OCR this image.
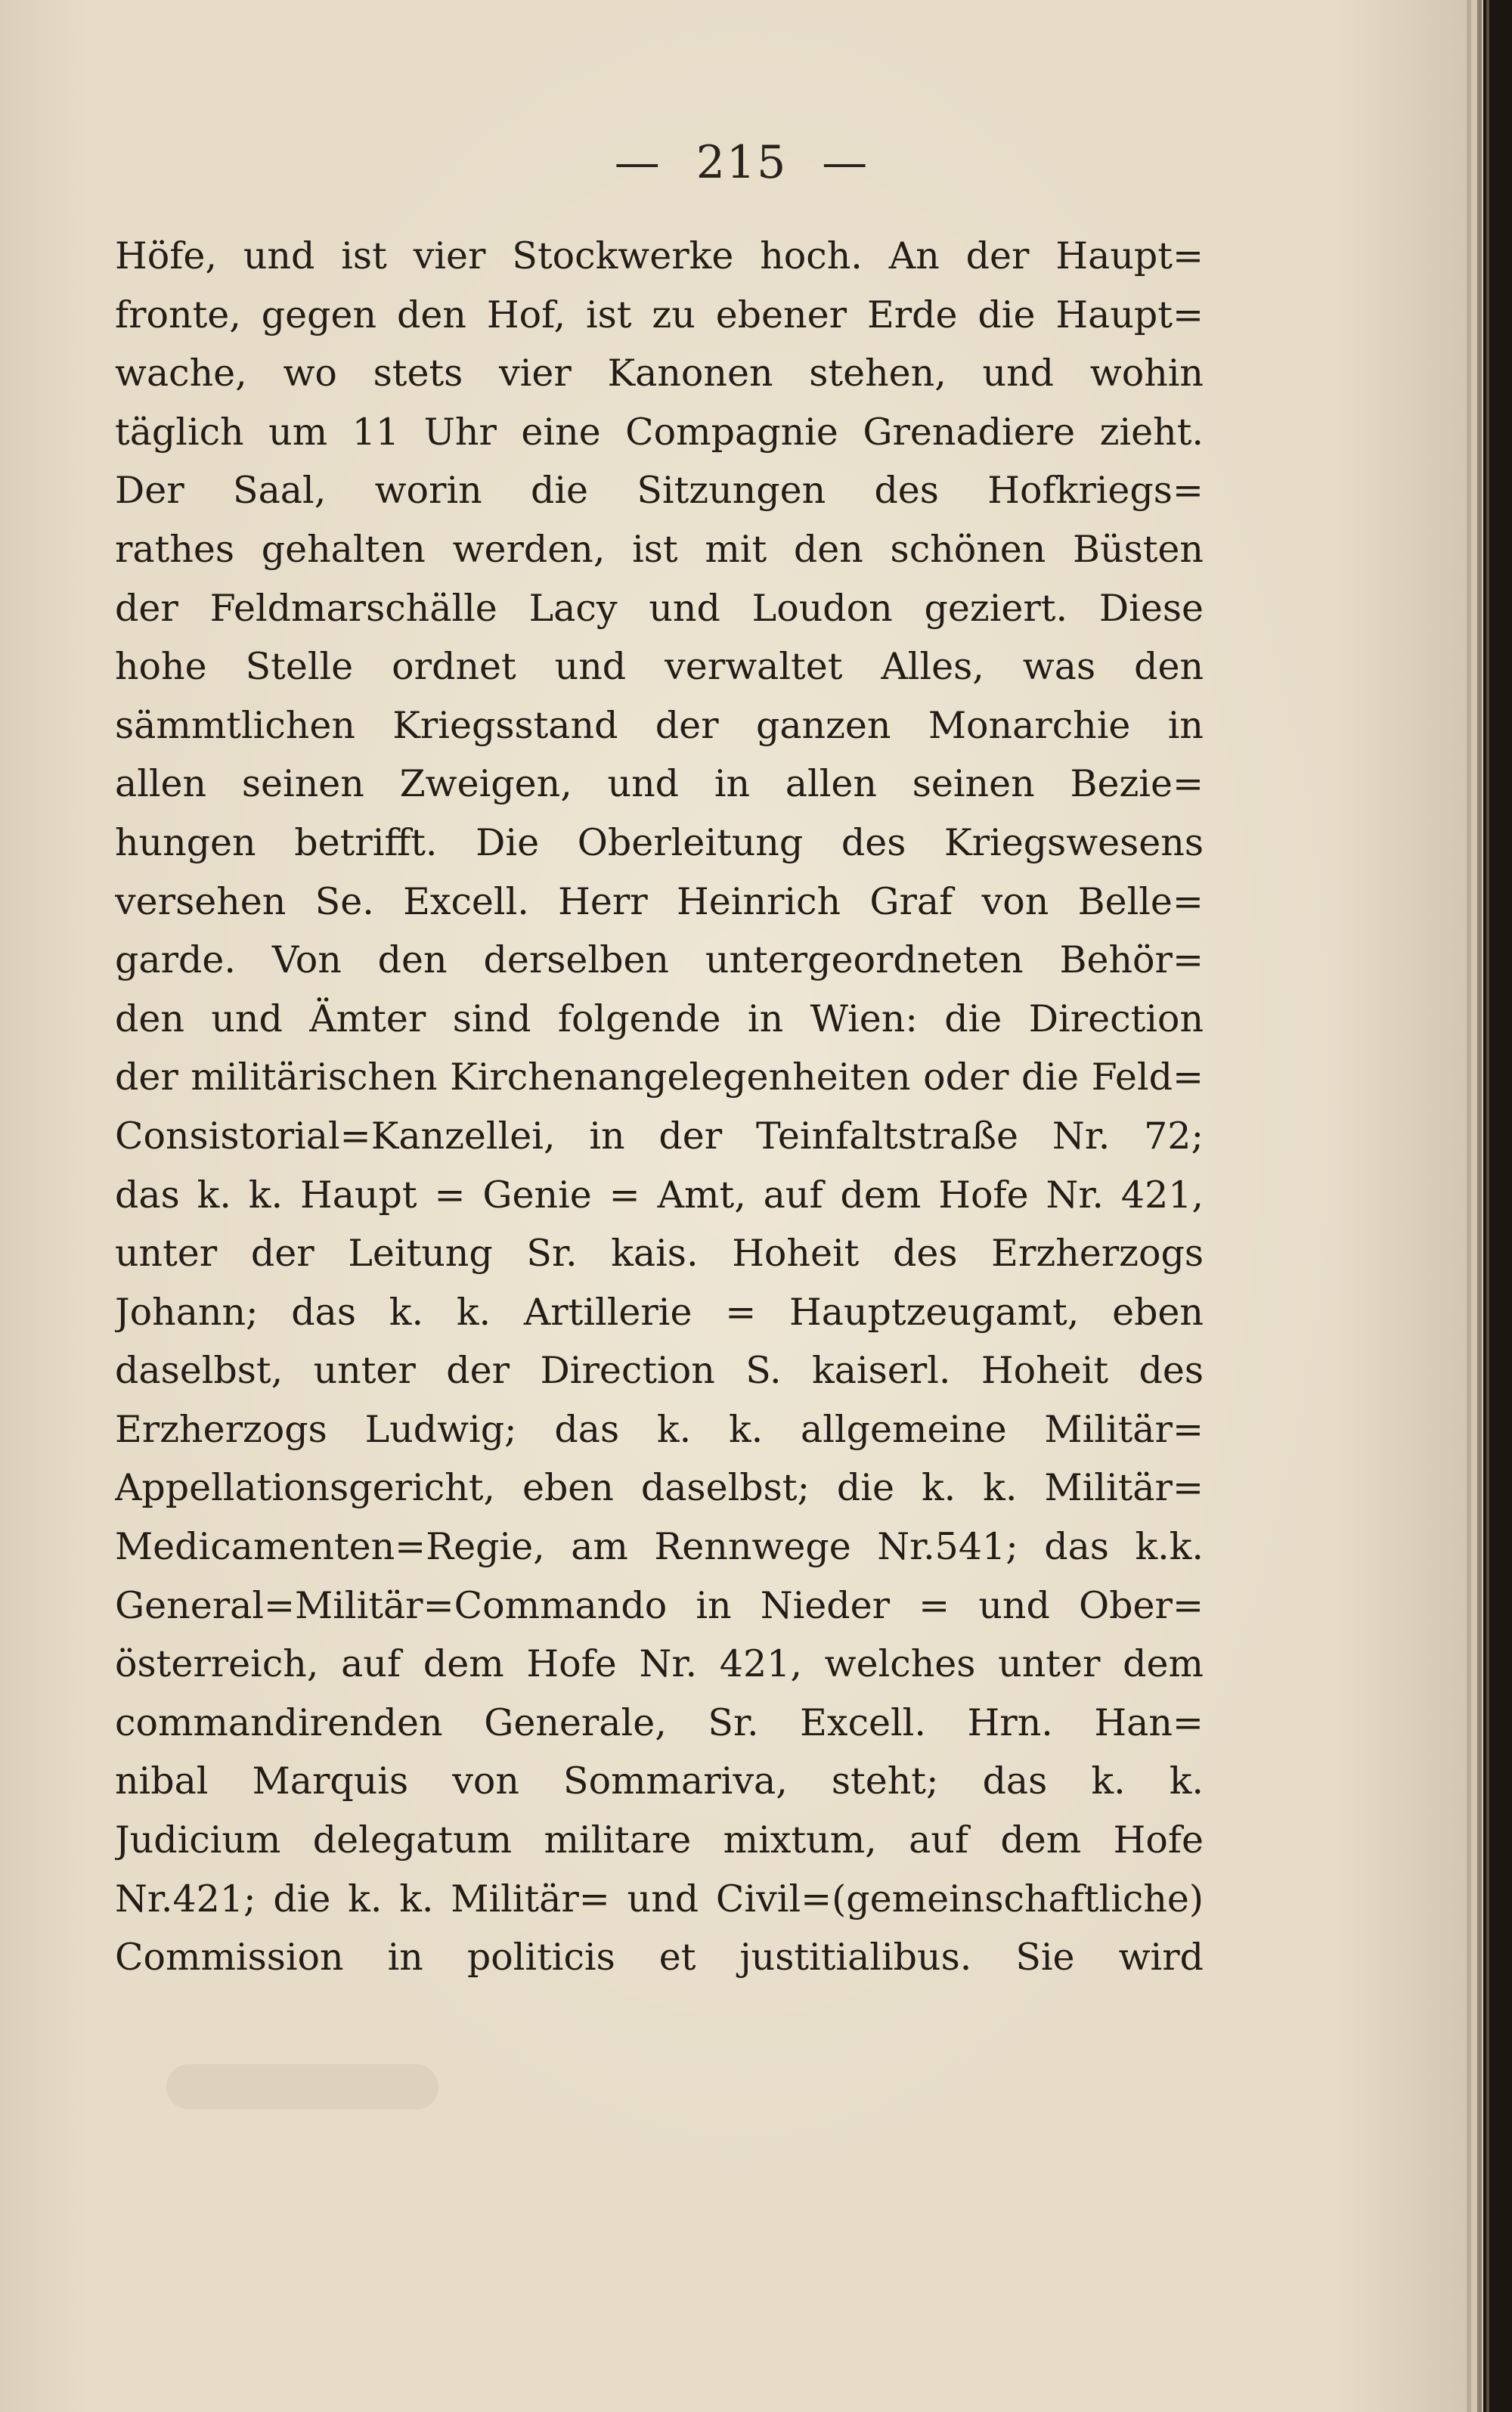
— 215 —
Höfe, und ist vier Stockwerke hoch. An der Haupt=
fronte, gegen den Hof, ist zu ebener Erde die Haupt=
wache, wo stets vier Kanonen stehen, und wohin
täglich um 11 Uhr eine Compagnie Grenadiere zieht.
Der Saal, worin die Sitzungen des Hofkriegs=
rathes gehalten werden, ist mit den schönen Büsten
der Feldmarschälle Lacy und Loudon geziert. Diese
hohe Stelle ordnet und verwaltet Alles, was den
sämmtlichen Kriegsstand der ganzen Monarchie in
allen seinen Zweigen, und in allen seinen Bezie=
hungen betrifft. Die Oberleitung des Kriegswesens
versehen Se. Excell. Herr Heinrich Graf von Belle=
garde. Von den derselben untergeordneten Behör=
den und Ämter sind folgende in Wien: die Direction
der militärischen Kirchenangelegenheiten oder die Feld=
Consistorial=Kanzellei, in der Teinfaltstraße Nr. 72;
das k. k. Haupt = Genie = Amt, auf dem Hofe Nr. 421,
unter der Leitung Sr. kais. Hoheit des Erzherzogs
Johann; das k. k. Artillerie = Hauptzeugamt, eben
daselbst, unter der Direction S. kaiserl. Hoheit des
Erzherzogs Ludwig; das k. k. allgemeine Militär=
Appellationsgericht, eben daselbst; die k. k. Militär=
Medicamenten=Regie, am Rennwege Nr.541; das k.k.
General=Militär=Commando in Nieder = und Ober=
österreich, auf dem Hofe Nr. 421, welches unter dem
commandirenden Generale, Sr. Excell. Hrn. Han=
nibal Marquis von Sommariva, steht; das k. k.
Judicium delegatum militare mixtum, auf dem Hofe
Nr.421; die k. k. Militär= und Civil=(gemeinschaftliche)
Commission in politicis et justitialibus. Sie wird
